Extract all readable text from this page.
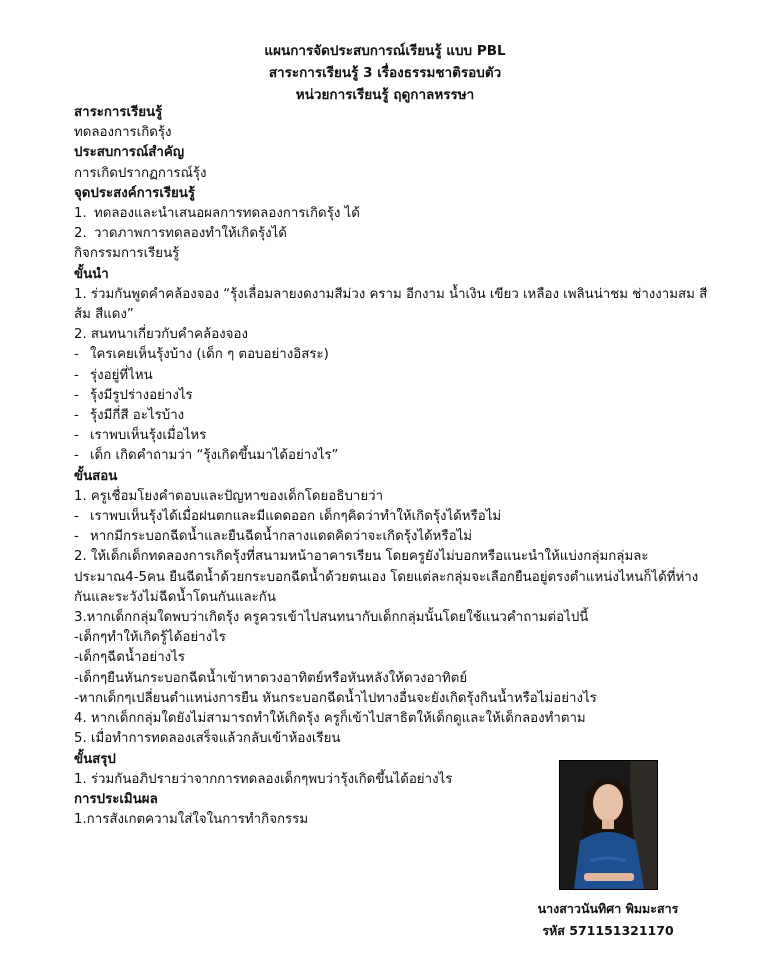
แผนการจัดประสบการณ์เรียนรู้ แบบ PBL
สาระการเรียนรู้ 3 เรื่องธรรมชาติรอบตัว
หน่วยการเรียนรู้ ฤดูกาลหรรษา
สาระการเรียนรู้
ทดลองการเกิดรุ้ง
ประสบการณ์สำคัญ
การเกิดปรากฏการณ์รุ้ง
จุดประสงค์การเรียนรู้
1. ทดลองและนำเสนอผลการทดลองการเกิดรุ้ง ได้
2. วาดภาพการทดลองทำให้เกิดรุ้งได้
กิจกรรมการเรียนรู้
ขั้นนำ
1. ร่วมกันพูดคำคล้องจอง “รุ้งเลื่อมลายงดงามสีม่วง คราม อีกงาม น้ำเงิน เขียว เหลือง เพลินน่าชม ช่างงามสม สีส้ม สีแดง”
2. สนทนาเกี่ยวกับคำคล้องจอง
- ใครเคยเห็นรุ้งบ้าง (เด็ก ๆ ตอบอย่างอิสระ)
- รุ่งอยู่ที่ไหน
- รุ้งมีรูปร่างอย่างไร
- รุ้งมีกี่สี อะไรบ้าง
- เราพบเห็นรุ้งเมื่อไหร
- เด็ก เกิดคำถามว่า “รุ้งเกิดขึ้นมาได้อย่างไร”
ขั้นสอน
1. ครูเชื่อมโยงคำตอบและปัญหาของเด็กโดยอธิบายว่า
- เราพบเห็นรุ้งได้เมื่อฝนตกและมีแดดออก เด็กๆคิดว่าทำให้เกิดรุ้งได้หรือไม่
- หากมีกระบอกฉีดน้ำและยืนฉีดน้ำกลางแดดคิดว่าจะเกิดรุ้งได้หรือไม่
2. ให้เด็กเด็กทดลองการเกิดรุ้งที่สนามหน้าอาคารเรียน โดยครูยังไม่บอกหรือแนะนำให้แบ่งกลุ่มกลุ่มละ ประมาณ4-5คน ยืนฉีดน้ำด้วยกระบอกฉีดน้ำด้วยตนเอง โดยแต่ละกลุ่มจะเลือกยืนอยู่ตรงตำแหน่งไหนก็ได้ที่ห่างกันและระวังไม่ฉีดน้ำโดนกันและกัน
3.หากเด็กกลุ่มใดพบว่าเกิดรุ้ง ครูควรเข้าไปสนทนากับเด็กกลุ่มนั้นโดยใช้แนวคำถามต่อไปนี้
-เด็กๆทำให้เกิดรู้ได้อย่างไร
-เด็กๆฉีดน้ำอย่างไร
-เด็กๆยืนหันกระบอกฉีดน้ำเข้าหาดวงอาทิตย์หรือหันหลังให้ดวงอาทิตย์
-หากเด็กๆเปลี่ยนตำแหน่งการยืน หันกระบอกฉีดน้ำไปทางอื่นจะยังเกิดรุ้งกินน้ำหรือไม่อย่างไร
4. หากเด็กกลุ่มใดยังไม่สามารถทำให้เกิดรุ้ง ครูก็เข้าไปสาธิตให้เด็กดูและให้เด็กลองทำตาม
5. เมื่อทำการทดลองเสร็จแล้วกลับเข้าห้องเรียน
ขั้นสรุป
1. ร่วมกันอภิปรายว่าจากการทดลองเด็กๆพบว่ารุ้งเกิดขึ้นได้อย่างไร
การประเมินผล
1.การสังเกตความใส่ใจในการทำกิจกรรม
นางสาวนันทิศา พิมมะสาร
รหัส 571151321170
